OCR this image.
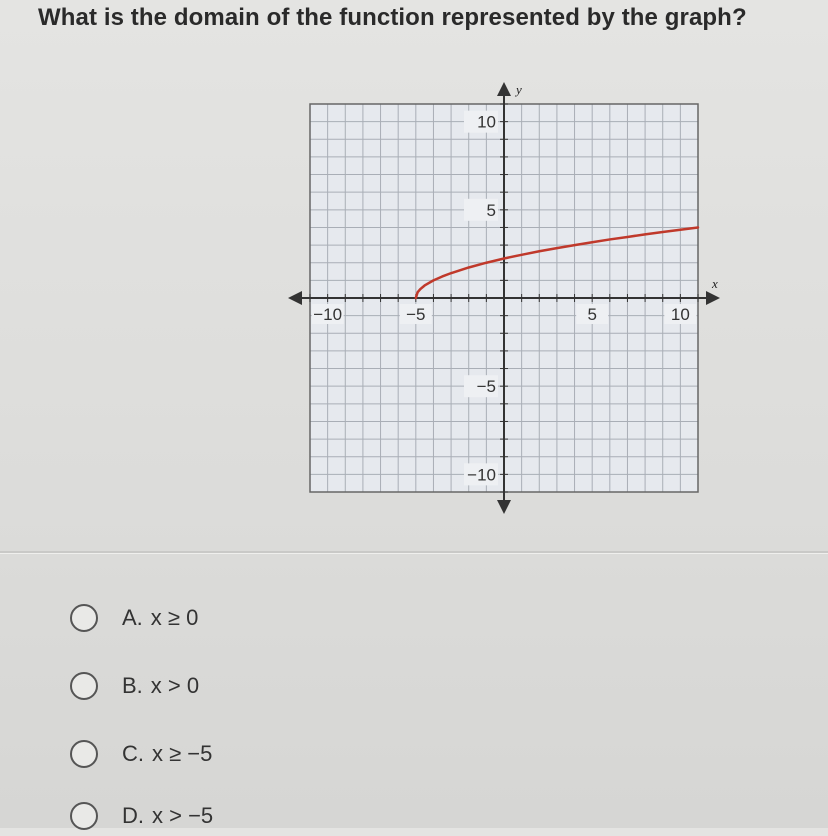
What is the domain of the function represented by the graph?
x
y
−10	−5	5	10
10
5
−5
−10
A. x ≥ 0
B. x > 0
C. x ≥ −5
D. x > −5
